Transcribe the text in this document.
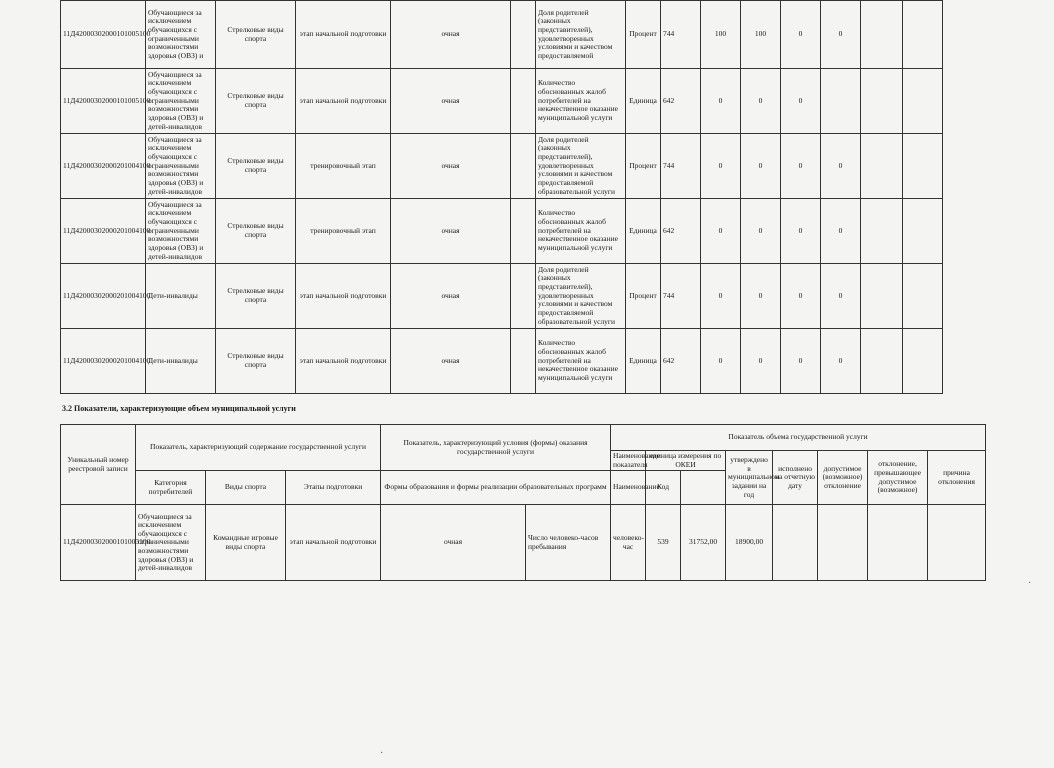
11Д42000302000101005100	Обучающиеся за исключением обучающихся с ограниченными возможностями здоровья (ОВЗ) и	Стрелковые виды спорта	этап начальной подготовки	очная		Доля родителей (законных представителей), удовлетворенных условиями и качеством предоставляемой	Процент	744	100	100	0	0		
11Д42000302000101005100	Обучающиеся за исключением обучающихся с ограниченными возможностями здоровья (ОВЗ) и детей-инвалидов	Стрелковые виды спорта	этап начальной подготовки	очная		Количество обоснованных жалоб потребителей на некачественное оказание муниципальной услуги	Единица	642	0	0	0			
11Д42000302000201004100	Обучающиеся за исключением обучающихся с ограниченными возможностями здоровья (ОВЗ) и детей-инвалидов	Стрелковые виды спорта	тренировочный этап	очная		Доля родителей (законных представителей), удовлетворенных условиями и качеством предоставляемой образовательной услуги	Процент	744	0	0	0	0		
11Д42000302000201004100	Обучающиеся за исключением обучающихся с ограниченными возможностями здоровья (ОВЗ) и детей-инвалидов	Стрелковые виды спорта	тренировочный этап	очная		Количество обоснованных жалоб потребителей на некачественное оказание муниципальной услуги	Единица	642	0	0	0	0		
11Д42000302000201004100	Дети-инвалиды	Стрелковые виды спорта	этап начальной подготовки	очная		Доля родителей (законных представителей), удовлетворенных условиями и качеством предоставляемой образовательной услуги	Процент	744	0	0	0	0		
11Д42000302000201004100	Дети-инвалиды	Стрелковые виды спорта	этап начальной подготовки	очная		Количество обоснованных жалоб потребителей на некачественное оказание муниципальной услуги	Единица	642	0	0	0	0		
3.2 Показатели, характеризующие объем муниципальной услуги
Уникальный номер реестровой записи	Показатель, характеризующий содержание государственной услуги			Показатель, характеризующий условия (формы) оказания государственной услуги		Показатель объема государственной услуги							
						Наименование показателя	единица измерения по ОКЕИ		утверждено в муниципальном задании на год	исполнено на отчетную дату	допустимое (возможное) отклонение	отклонение, превышающее допустимое (возможное)	причина отклонения
	Категория потребителей	Виды спорта	Этапы подготовки	Формы образования и формы реализации образовательных программ		Наименование	Код						
11Д42000302000101003100	Обучающиеся за исключением обучающихся с ограниченными возможностями здоровья (ОВЗ) и детей-инвалидов	Командные игровые виды спорта	этап начальной подготовки	очная	Число человеко-часов пребывания	человеко-час	539	31752,00	18900,00				
·
·
